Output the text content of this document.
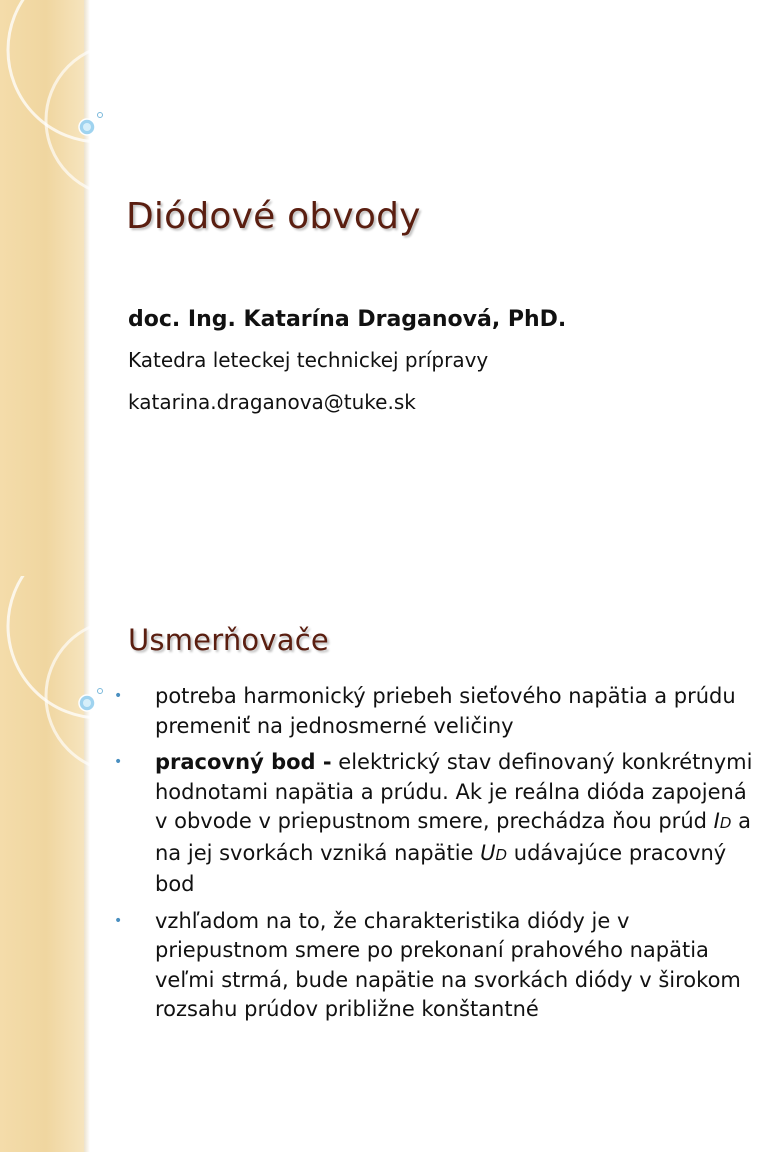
Diódové obvody
doc. Ing. Katarína Draganová, PhD.
Katedra leteckej technickej prípravy
katarina.draganova@tuke.sk
Usmerňovače
• potreba harmonický priebeh sieťového napätia a prúdu premeniť na jednosmerné veličiny
• pracovný bod - elektrický stav definovaný konkrétnymi hodnotami napätia a prúdu. Ak je reálna dióda zapojená v obvode v priepustnom smere, prechádza ňou prúd ID a na jej svorkách vzniká napätie UD udávajúce pracovný bod
• vzhľadom na to, že charakteristika diódy je v priepustnom smere po prekonaní prahového napätia veľmi strmá, bude napätie na svorkách diódy v širokom rozsahu prúdov približne konštantné
